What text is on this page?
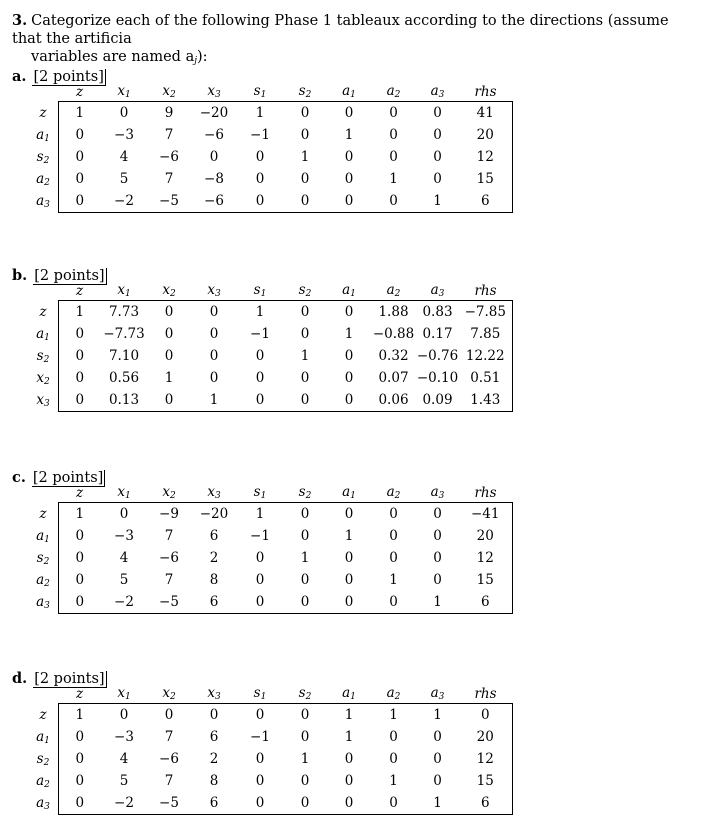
3. Categorize each of the following Phase 1 tableaux according to the directions (assume that the artificia
variables are named $a_j$):
a. [2 points]
	z	$x_1$	$x_2$	$x_3$	$s_1$	$s_2$	$a_1$	$a_2$	$a_3$	rhs
z	1	0	9	−20	1	0	0	0	0	41
$a_1$	0	−3	7	−6	−1	0	1	0	0	20
$s_2$	0	4	−6	0	0	1	0	0	0	12
$a_2$	0	5	7	−8	0	0	0	1	0	15
$a_3$	0	−2	−5	−6	0	0	0	0	1	6
b. [2 points]
	z	$x_1$	$x_2$	$x_3$	$s_1$	$s_2$	$a_1$	$a_2$	$a_3$	rhs
z	1	7.73	0	0	1	0	0	1.88	0.83	−7.85
$a_1$	0	−7.73	0	0	−1	0	1	−0.88	0.17	7.85
$s_2$	0	7.10	0	0	0	1	0	0.32	−0.76	12.22
$x_2$	0	0.56	1	0	0	0	0	0.07	−0.10	0.51
$x_3$	0	0.13	0	1	0	0	0	0.06	0.09	1.43
c. [2 points]
	z	$x_1$	$x_2$	$x_3$	$s_1$	$s_2$	$a_1$	$a_2$	$a_3$	rhs
z	1	0	−9	−20	1	0	0	0	0	−41
$a_1$	0	−3	7	6	−1	0	1	0	0	20
$s_2$	0	4	−6	2	0	1	0	0	0	12
$a_2$	0	5	7	8	0	0	0	1	0	15
$a_3$	0	−2	−5	6	0	0	0	0	1	6
d. [2 points]
	z	$x_1$	$x_2$	$x_3$	$s_1$	$s_2$	$a_1$	$a_2$	$a_3$	rhs
z	1	0	0	0	0	0	1	1	1	0
$a_1$	0	−3	7	6	−1	0	1	0	0	20
$s_2$	0	4	−6	2	0	1	0	0	0	12
$a_2$	0	5	7	8	0	0	0	1	0	15
$a_3$	0	−2	−5	6	0	0	0	0	1	6
